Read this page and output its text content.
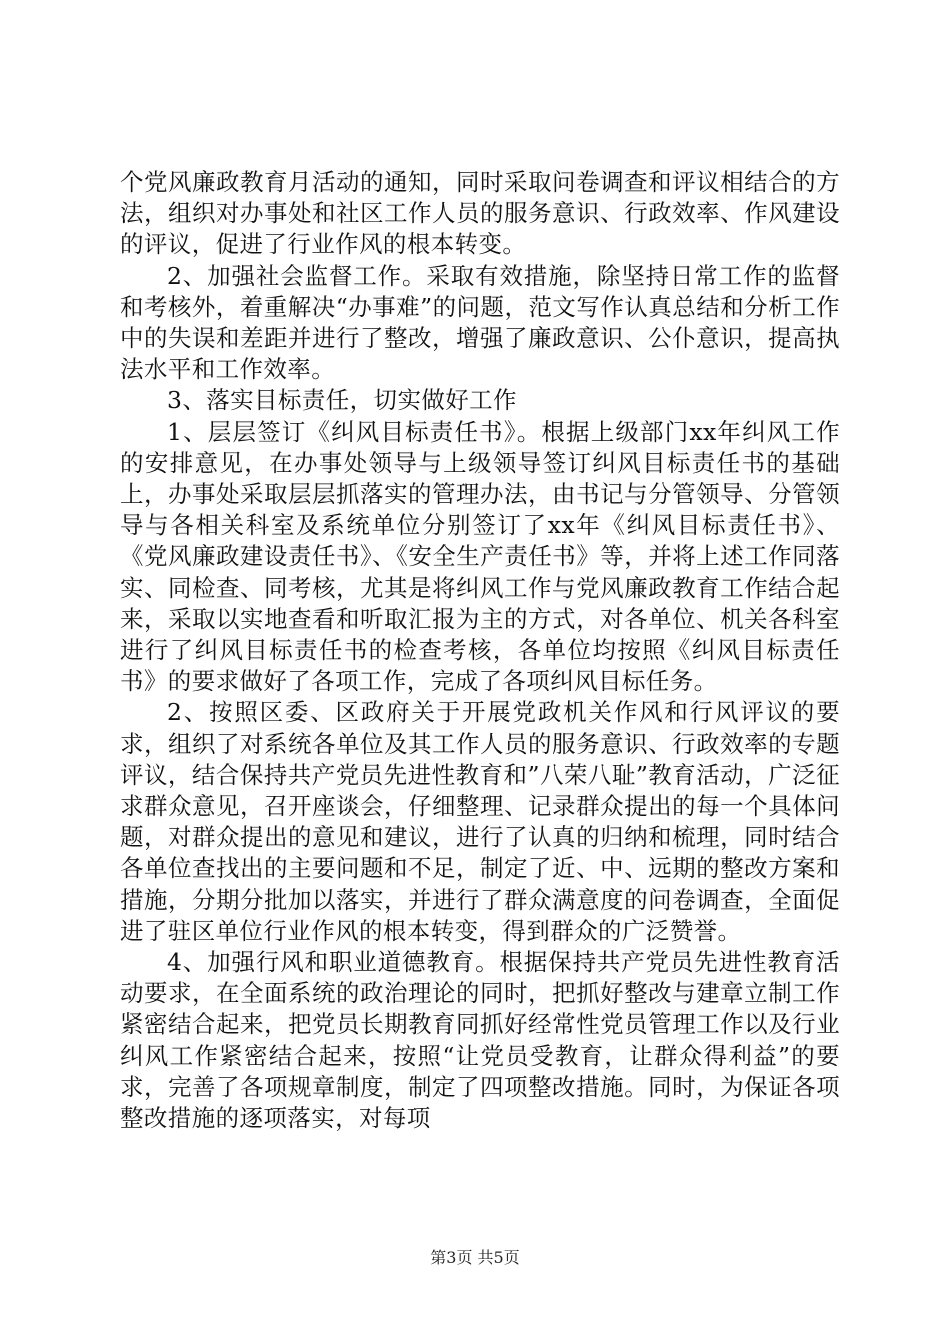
个党风廉政教育月活动的通知，同时采取问卷调查和评议相结合的方法，组织对办事处和社区工作人员的服务意识、行政效率、作风建设的评议，促进了行业作风的根本转变。

2、加强社会监督工作。采取有效措施，除坚持日常工作的监督和考核外，着重解决“办事难”的问题，范文写作认真总结和分析工作中的失误和差距并进行了整改，增强了廉政意识、公仆意识，提高执法水平和工作效率。

3、落实目标责任，切实做好工作

1、层层签订《纠风目标责任书》。根据上级部门xx年纠风工作的安排意见，在办事处领导与上级领导签订纠风目标责任书的基础上，办事处采取层层抓落实的管理办法，由书记与分管领导、分管领导与各相关科室及系统单位分别签订了xx年《纠风目标责任书》、《党风廉政建设责任书》、《安全生产责任书》等，并将上述工作同落实、同检查、同考核，尤其是将纠风工作与党风廉政教育工作结合起来，采取以实地查看和听取汇报为主的方式，对各单位、机关各科室进行了纠风目标责任书的检查考核，各单位均按照《纠风目标责任书》的要求做好了各项工作，完成了各项纠风目标任务。

2、按照区委、区政府关于开展党政机关作风和行风评议的要求，组织了对系统各单位及其工作人员的服务意识、行政效率的专题评议，结合保持共产党员先进性教育和”八荣八耻”教育活动，广泛征求群众意见，召开座谈会，仔细整理、记录群众提出的每一个具体问题，对群众提出的意见和建议，进行了认真的归纳和梳理，同时结合各单位查找出的主要问题和不足，制定了近、中、远期的整改方案和措施，分期分批加以落实，并进行了群众满意度的问卷调查，全面促进了驻区单位行业作风的根本转变，得到群众的广泛赞誉。

4、加强行风和职业道德教育。根据保持共产党员先进性教育活动要求，在全面系统的政治理论的同时，把抓好整改与建章立制工作紧密结合起来，把党员长期教育同抓好经常性党员管理工作以及行业纠风工作紧密结合起来，按照“让党员受教育，让群众得利益”的要求，完善了各项规章制度，制定了四项整改措施。同时，为保证各项整改措施的逐项落实，对每项

第3页 共5页
